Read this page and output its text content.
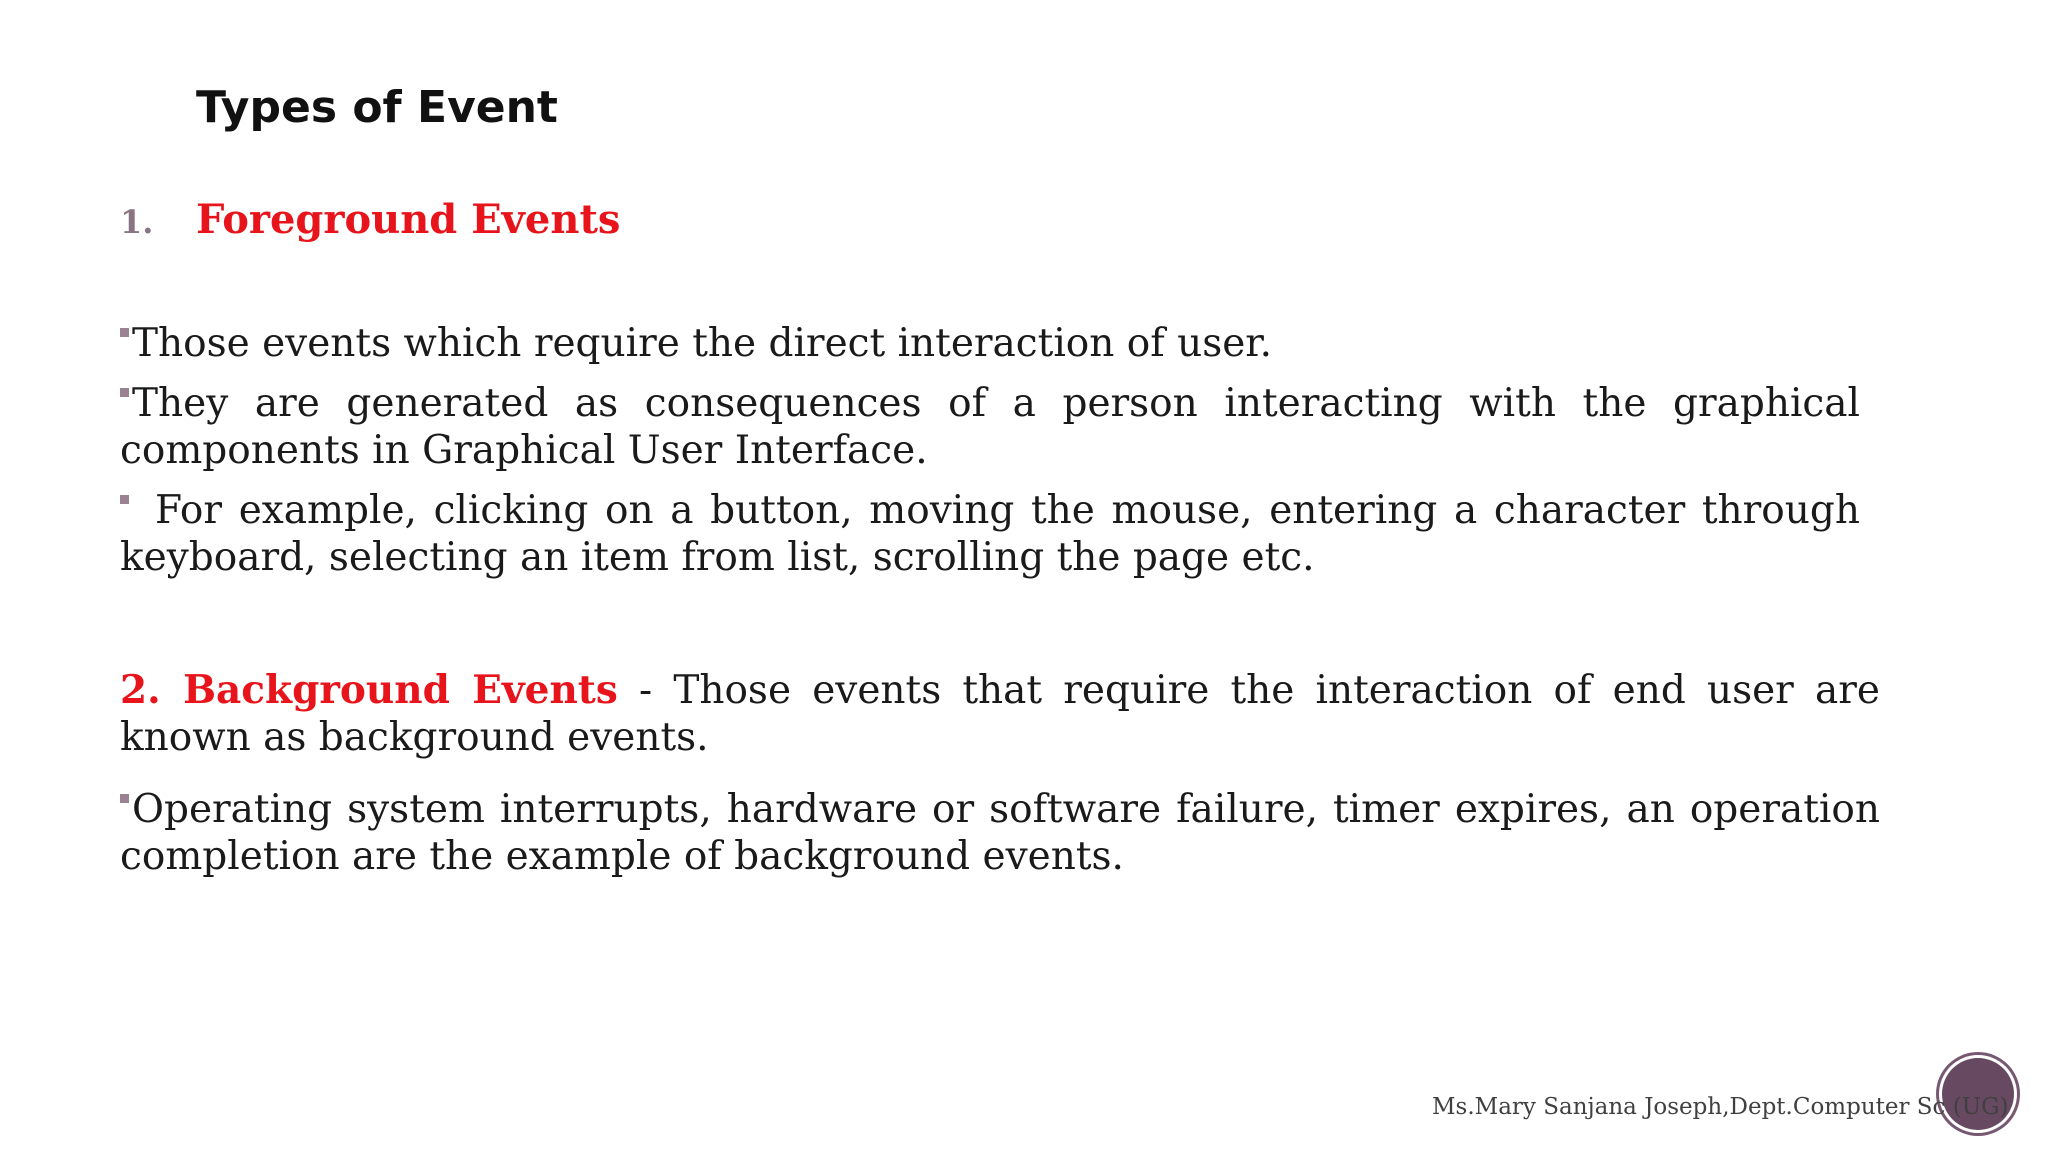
Types of Event
1. Foreground Events
Those events which require the direct interaction of user.
They are generated as consequences of a person interacting with the graphical components in Graphical User Interface.
For example, clicking on a button, moving the mouse, entering a character through keyboard, selecting an item from list, scrolling the page etc.
2. Background Events - Those events that require the interaction of end user are known as background events.
Operating system interrupts, hardware or software failure, timer expires, an operation completion are the example of background events.
Ms.Mary Sanjana Joseph,Dept.Computer Sc (UG)
